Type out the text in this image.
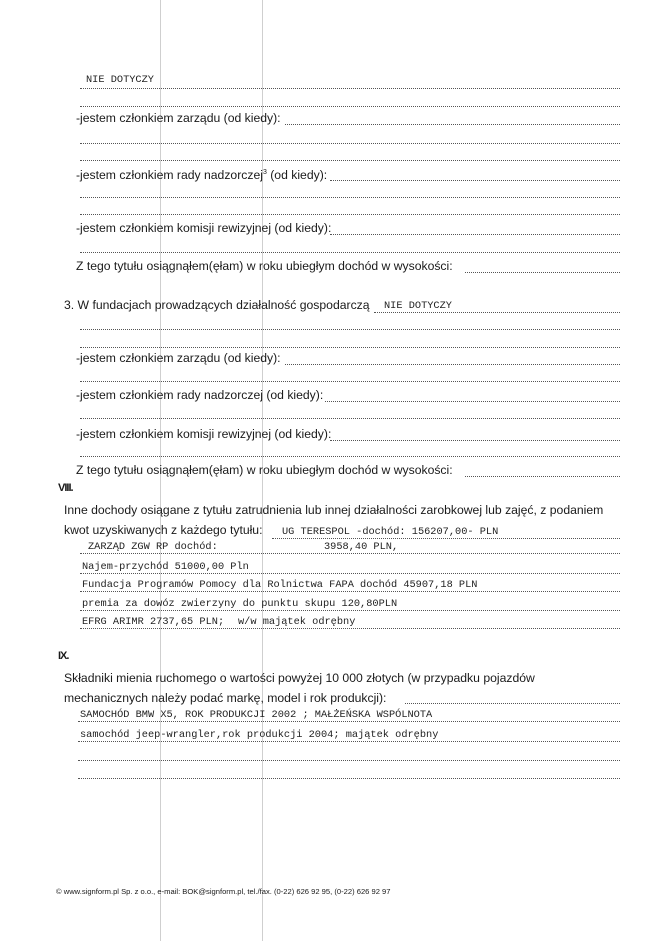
NIE DOTYCZY
-jestem członkiem zarządu (od kiedy):
-jestem członkiem rady nadzorczej$^3$ (od kiedy):
-jestem członkiem komisji rewizyjnej (od kiedy):
Z tego tytułu osiągnąłem(ęłam) w roku ubiegłym dochód w wysokości:
3. W fundacjach prowadzących działalność gospodarczą NIE DOTYCZY
-jestem członkiem zarządu (od kiedy):
-jestem członkiem rady nadzorczej (od kiedy):
-jestem członkiem komisji rewizyjnej (od kiedy):
Z tego tytułu osiągnąłem(ęłam) w roku ubiegłym dochód w wysokości:
VIII.
Inne dochody osiągane z tytułu zatrudnienia lub innej działalności zarobkowej lub zajęć, z podaniem
kwot uzyskiwanych z każdego tytułu: UG TERESPOL -dochód: 156207,00- PLN
ZARZĄD ZGW RP dochód:	3958,40 PLN,
Najem-przychód 51000,00 Pln
Fundacja Programów Pomocy dla Rolnictwa FAPA dochód 45907,18 PLN
premia za dowóz zwierzyny do punktu skupu 120,80PLN
EFRG ARIMR 2737,65 PLN; w/w majątek odrębny
IX.
Składniki mienia ruchomego o wartości powyżej 10 000 złotych (w przypadku pojazdów
mechanicznych należy podać markę, model i rok produkcji):
SAMOCHÓD BMW X5, ROK PRODUKCJI 2002 ; MAŁŻEŃSKA WSPÓLNOTA
samochód jeep-wrangler,rok produkcji 2004; majątek odrębny
© www.signform.pl Sp. z o.o., e-mail: BOK@signform.pl, tel./fax. (0-22) 626 92 95, (0-22) 626 92 97
